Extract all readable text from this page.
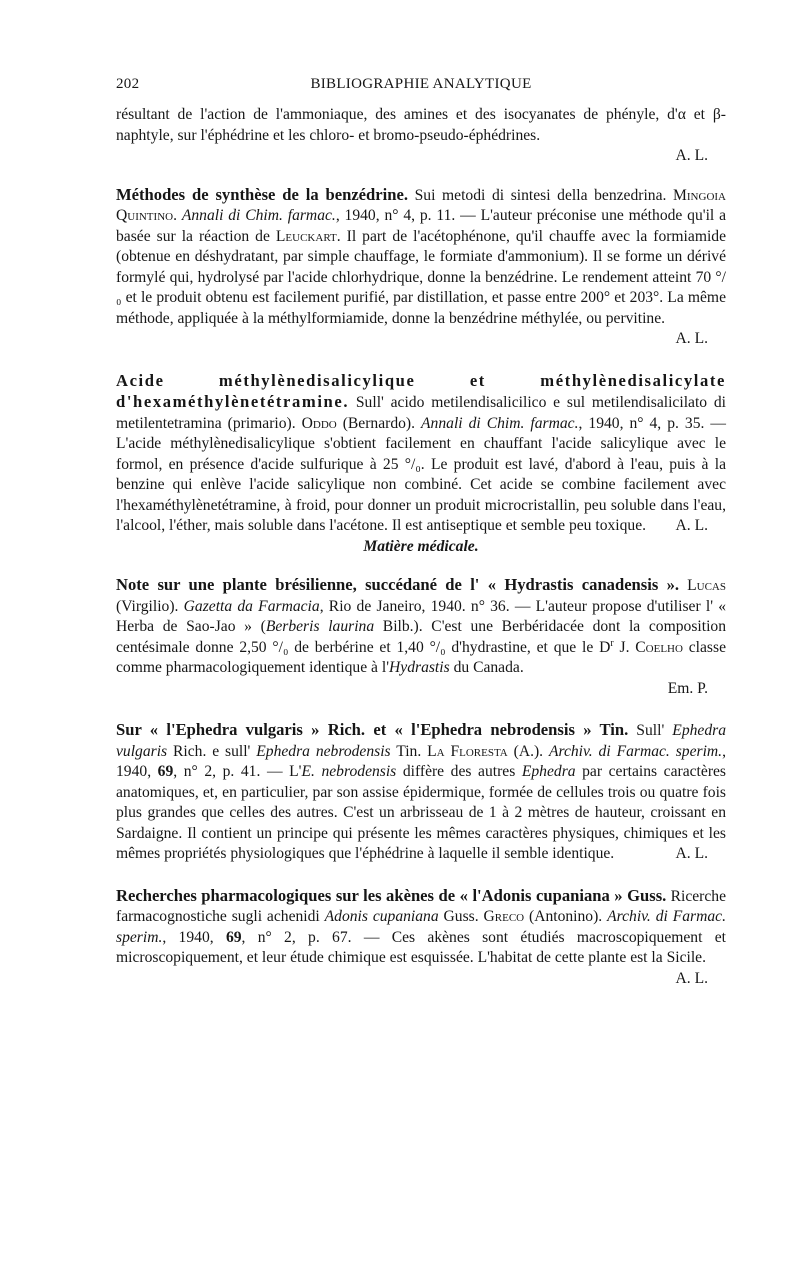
202	BIBLIOGRAPHIE ANALYTIQUE

résultant de l'action de l'ammoniaque, des amines et des isocyanates de phényle, d'α et β-naphtyle, sur l'éphédrine et les chloro- et bromo-pseudo-éphédrines.

A. L.

Méthodes de synthèse de la benzédrine. Sui metodi di sintesi della benzedrina. Mingoia Quintino. Annali di Chim. farmac., 1940, n° 4, p. 11. — L'auteur préconise une méthode qu'il a basée sur la réaction de Leuckart. Il part de l'acétophénone, qu'il chauffe avec la formiamide (obtenue en déshydratant, par simple chauffage, le formiate d'ammonium). Il se forme un dérivé formylé qui, hydrolysé par l'acide chlorhydrique, donne la benzédrine. Le rendement atteint 70 °/₀ et le produit obtenu est facilement purifié, par distillation, et passe entre 200° et 203°. La même méthode, appliquée à la méthylformiamide, donne la benzédrine méthylée, ou pervitine.

A. L.

Acide méthylènedisalicylique et méthylènedisalicylate d'hexaméthylènetétramine. Sull' acido metilendisalicilico e sul metilendisalicilato di metilentetramina (primario). Oddo (Bernardo). Annali di Chim. farmac., 1940, n° 4, p. 35. — L'acide méthylènedisalicylique s'obtient facilement en chauffant l'acide salicylique avec le formol, en présence d'acide sulfurique à 25 °/₀. Le produit est lavé, d'abord à l'eau, puis à la benzine qui enlève l'acide salicylique non combiné. Cet acide se combine facilement avec l'hexaméthylènetétramine, à froid, pour donner un produit microcristallin, peu soluble dans l'eau, l'alcool, l'éther, mais soluble dans l'acétone. Il est antiseptique et semble peu toxique.	A. L.

Matière médicale.

Note sur une plante brésilienne, succédané de l' « Hydrastis canadensis ». Lucas (Virgilio). Gazetta da Farmacia, Rio de Janeiro, 1940. n° 36. — L'auteur propose d'utiliser l' « Herba de Sao-Jao » (Berberis laurina Bilb.). C'est une Berbéridacée dont la composition centésimale donne 2,50 °/₀ de berbérine et 1,40 °/₀ d'hydrastine, et que le $D^r$ J. Coelho classe comme pharmacologiquement identique à l'Hydrastis du Canada.

Em. P.

Sur « l'Ephedra vulgaris » Rich. et « l'Ephedra nebrodensis » Tin. Sull' Ephedra vulgaris Rich. e sull' Ephedra nebrodensis Tin. La Floresta (A.). Archiv. di Farmac. sperim., 1940, 69, n° 2, p. 41. — L'E. nebrodensis diffère des autres Ephedra par certains caractères anatomiques, et, en particulier, par son assise épidermique, formée de cellules trois ou quatre fois plus grandes que celles des autres. C'est un arbrisseau de 1 à 2 mètres de hauteur, croissant en Sardaigne. Il contient un principe qui présente les mêmes caractères physiques, chimiques et les mêmes propriétés physiologiques que l'éphédrine à laquelle il semble identique.	A. L.

Recherches pharmacologiques sur les akènes de « l'Adonis cupaniana » Guss. Ricerche farmacognostiche sugli achenidi Adonis cupaniana Guss. Greco (Antonino). Archiv. di Farmac. sperim., 1940, 69, n° 2, p. 67. — Ces akènes sont étudiés macroscopiquement et microscopiquement, et leur étude chimique est esquissée. L'habitat de cette plante est la Sicile.

A. L.
